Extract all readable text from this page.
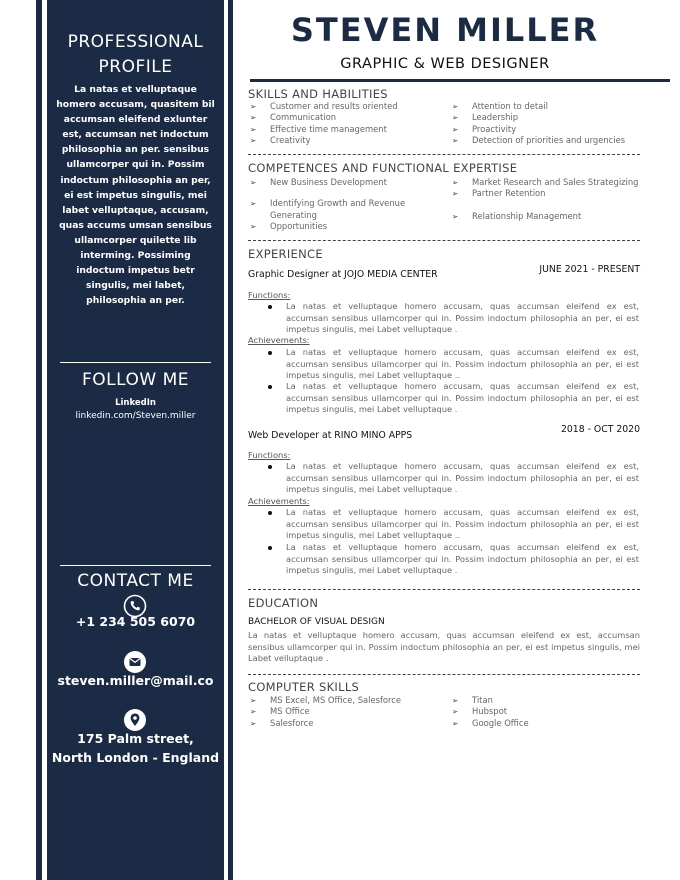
PROFESSIONAL
PROFILE

La natas et velluptaque homero accusam, quasitem bil accumsan eleifend exlunter est, accumsan net indoctum philosophia an per. sensibus ullamcorper qui in. Possim indoctum philosophia an per, ei est impetus singulis, mei labet velluptaque, accusam, quas accums umsan sensibus ullamcorper quilette lib interming. Possiming indoctum impetus betr singulis, mei labet, philosophia an per.

FOLLOW ME
LinkedIn
linkedin.com/Steven.miller
CONTACT ME
+1 234 505 6070
steven.miller@mail.co
175 Palm street,
North London - England
STEVEN MILLER
GRAPHIC & WEB DESIGNER
SKILLS AND HABILITIES
➢ Customer and results oriented
➢ Communication
➢ Effective time management
➢ Creativity
➢ Attention to detail
➢ Leadership
➢ Proactivity
➢ Detection of priorities and urgencies
COMPETENCES AND FUNCTIONAL EXPERTISE
➢ New Business Development
➢ Identifying Growth and Revenue Generating
➢ Opportunities
➢ Market Research and Sales Strategizing
➢ Partner Retention
➢ Relationship Management
EXPERIENCE
Graphic Designer at JOJO MEDIA CENTER	JUNE 2021 - PRESENT
Functions:

La natas et velluptaque homero accusam, quas accumsan eleifend ex est, accumsan sensibus ullamcorper qui in. Possim indoctum philosophia an per, ei est impetus singulis, mei Labet velluptaque .

Achievements:

La natas et velluptaque homero accusam, quas accumsan eleifend ex est, accumsan sensibus ullamcorper qui in. Possim indoctum philosophia an per, ei est impetus singulis, mei Labet velluptaque ..

La natas et velluptaque homero accusam, quas accumsan eleifend ex est, accumsan sensibus ullamcorper qui in. Possim indoctum philosophia an per, ei est impetus singulis, mei Labet velluptaque .

Web Developer at RINO MINO APPS
2018 - OCT 2020
Functions:

La natas et velluptaque homero accusam, quas accumsan eleifend ex est, accumsan sensibus ullamcorper qui in. Possim indoctum philosophia an per, ei est impetus singulis, mei Labet velluptaque .

Achievements:

La natas et velluptaque homero accusam, quas accumsan eleifend ex est, accumsan sensibus ullamcorper qui in. Possim indoctum philosophia an per, ei est impetus singulis, mei Labet velluptaque ..

La natas et velluptaque homero accusam, quas accumsan eleifend ex est, accumsan sensibus ullamcorper qui in. Possim indoctum philosophia an per, ei est impetus singulis, mei Labet velluptaque .

EDUCATION
BACHELOR OF VISUAL DESIGN

La natas et velluptaque homero accusam, quas accumsan eleifend ex est, accumsan sensibus ullamcorper qui in. Possim indoctum philosophia an per, ei est impetus singulis, mei Labet velluptaque .

COMPUTER SKILLS
➢ MS Excel, MS Office, Salesforce
➢ MS Office
➢ Salesforce
➢ Titan
➢ Hubspot
➢ Google Office
